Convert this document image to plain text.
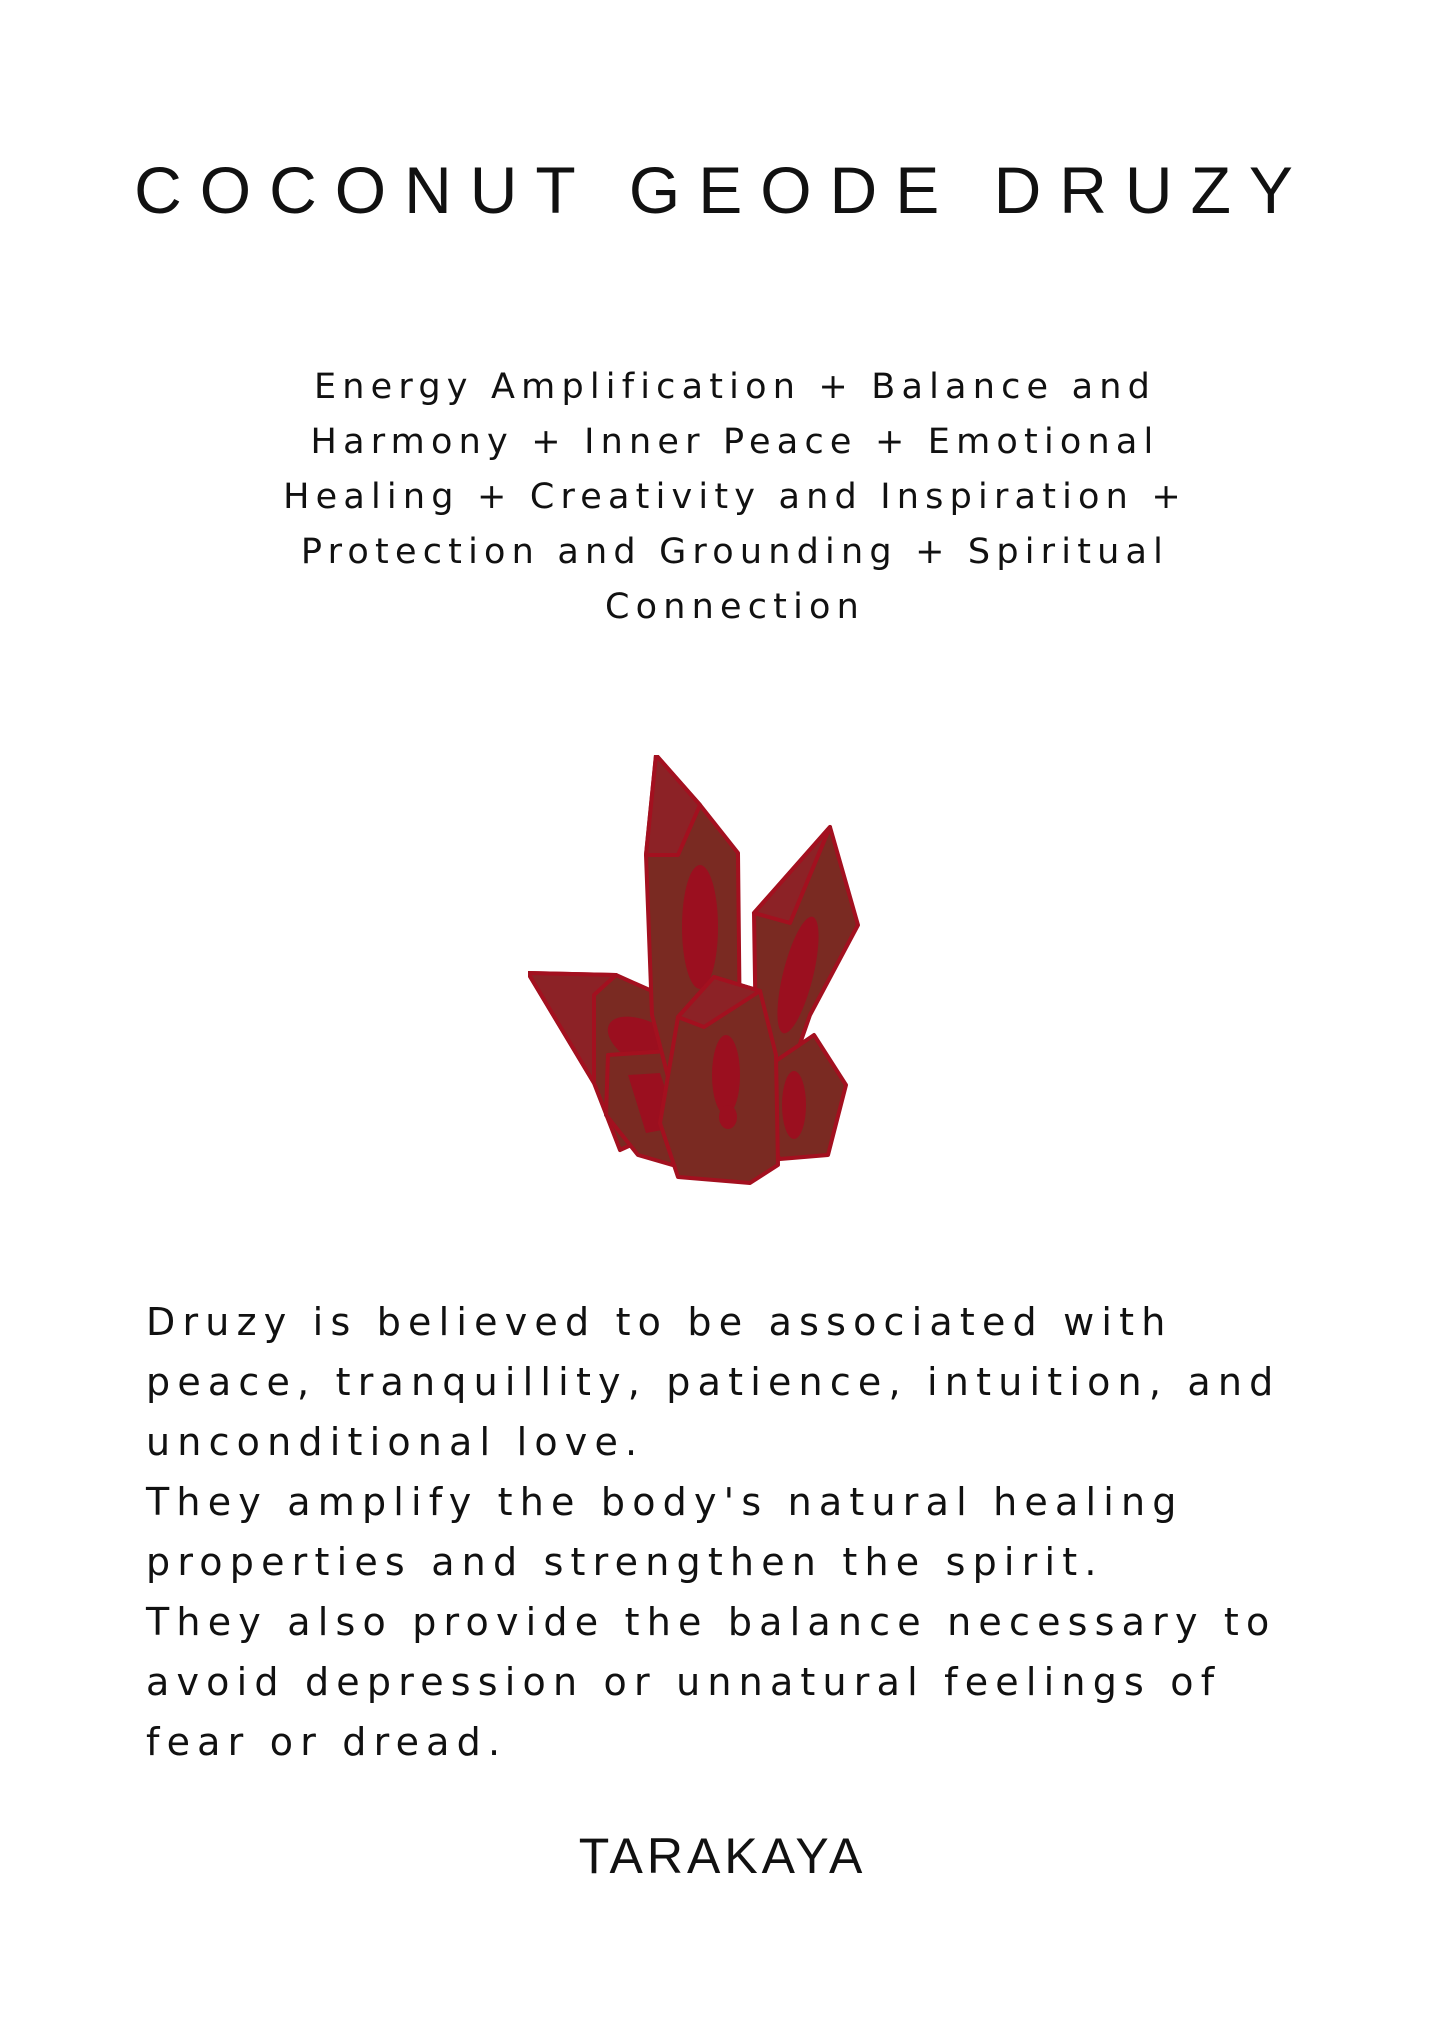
COCONUT GEODE DRUZY
Energy Amplification + Balance and
Harmony + Inner Peace + Emotional
Healing + Creativity and Inspiration +
Protection and Grounding + Spiritual
Connection
Druzy is believed to be associated with
peace, tranquillity, patience, intuition, and
unconditional love.
They amplify the body's natural healing
properties and strengthen the spirit.
They also provide the balance necessary to
avoid depression or unnatural feelings of
fear or dread.
TARAKAYA
